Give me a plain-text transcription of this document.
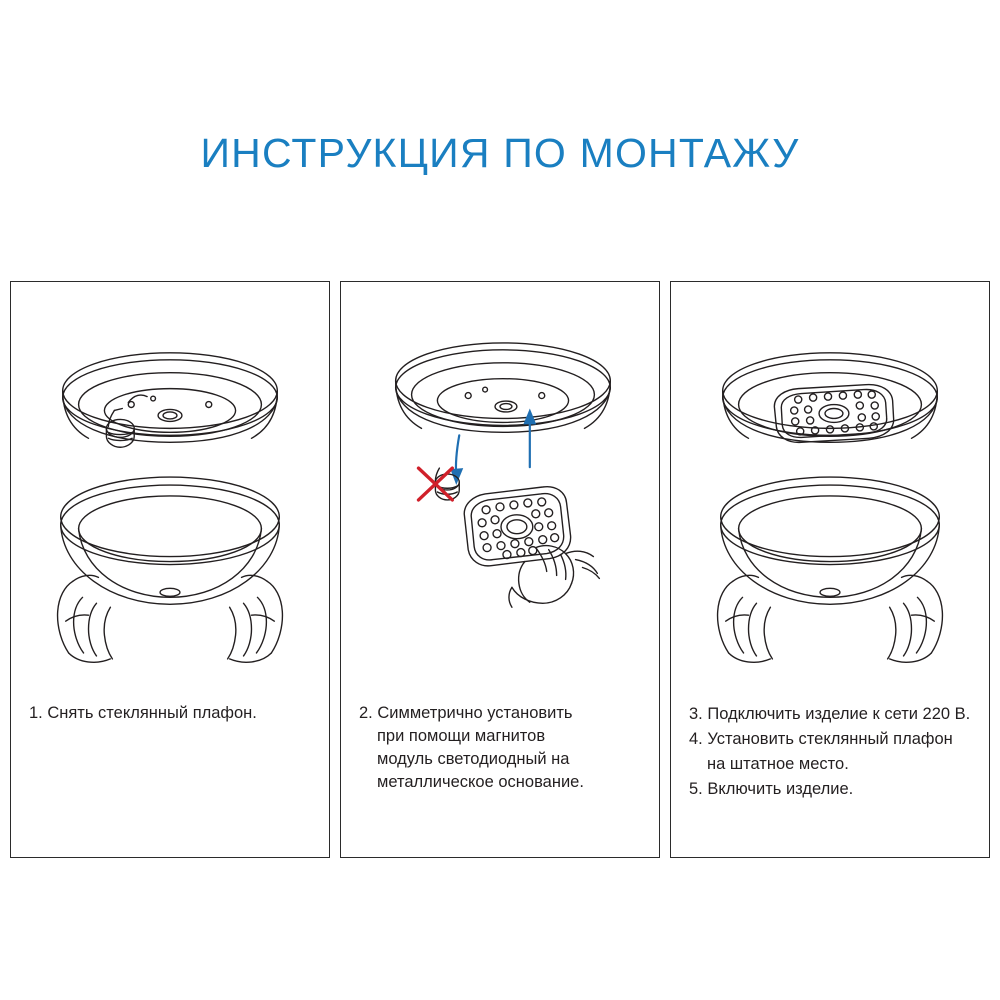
ИНСТРУКЦИЯ ПО МОНТАЖУ
1. Снять стеклянный плафон.	2. Симметрично установить
при помощи магнитов
модуль светодиодный на
металлическое основание.
3. Подключить изделие к сети 220 В.
4. Установить стеклянный плафон
на штатное место.
5. Включить изделие.
